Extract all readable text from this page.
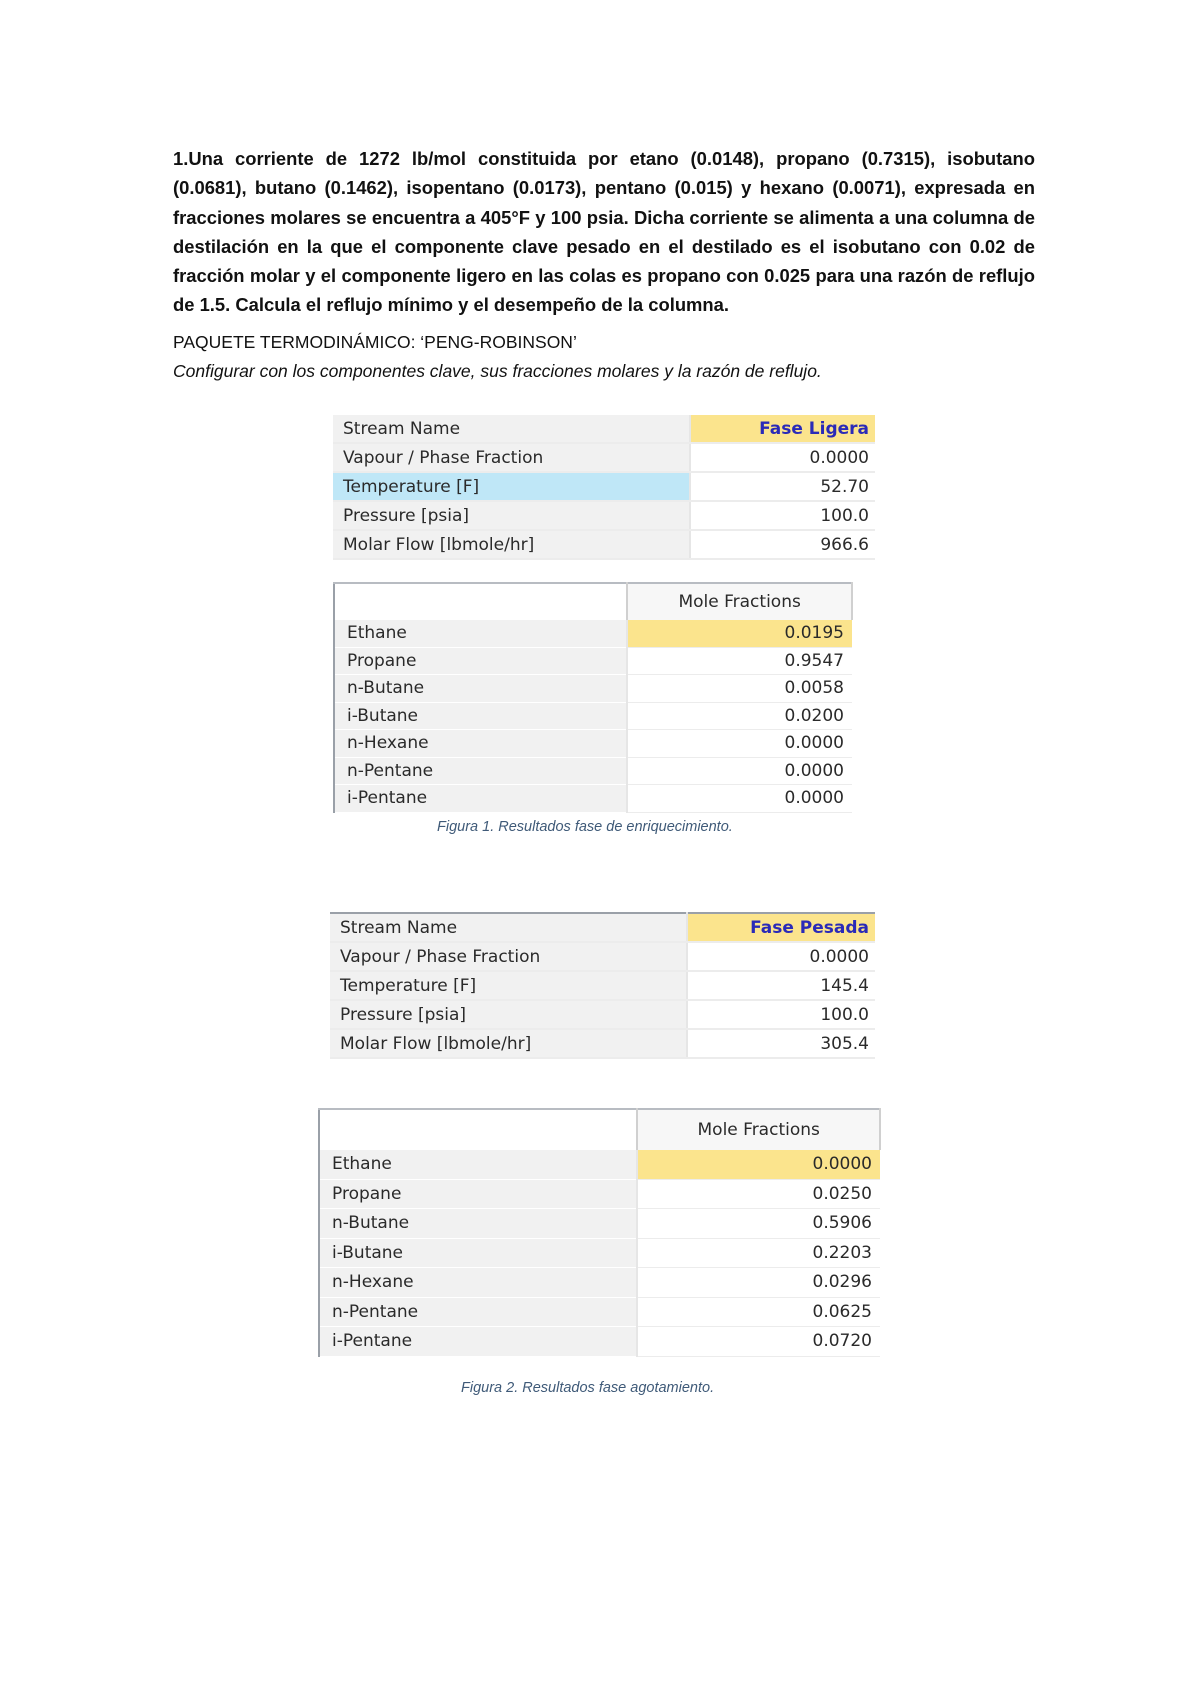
1.Una corriente de 1272 lb/mol constituida por etano (0.0148), propano (0.7315), isobutano (0.0681), butano (0.1462), isopentano (0.0173), pentano (0.015) y hexano (0.0071), expresada en fracciones molares se encuentra a 405°F y 100 psia. Dicha corriente se alimenta a una columna de destilación en la que el componente clave pesado en el destilado es el isobutano con 0.02 de fracción molar y el componente ligero en las colas es propano con 0.025 para una razón de reflujo de 1.5. Calcula el reflujo mínimo y el desempeño de la columna.

PAQUETE TERMODINÁMICO: ‘PENG-ROBINSON’

Configurar con los componentes clave, sus fracciones molares y la razón de reflujo.

Stream Name	Fase Ligera
Vapour / Phase Fraction	0.0000
Temperature [F]	52.70
Pressure [psia]	100.0
Molar Flow [lbmole/hr]	966.6
	Mole Fractions
Ethane	0.0195
Propane	0.9547
n-Butane	0.0058
i-Butane	0.0200
n-Hexane	0.0000
n-Pentane	0.0000
i-Pentane	0.0000

Figura 1. Resultados fase de enriquecimiento.

Stream Name	Fase Pesada
Vapour / Phase Fraction	0.0000
Temperature [F]	145.4
Pressure [psia]	100.0
Molar Flow [lbmole/hr]	305.4
	Mole Fractions
Ethane	0.0000
Propane	0.0250
n-Butane	0.5906
i-Butane	0.2203
n-Hexane	0.0296
n-Pentane	0.0625
i-Pentane	0.0720

Figura 2. Resultados fase agotamiento.
